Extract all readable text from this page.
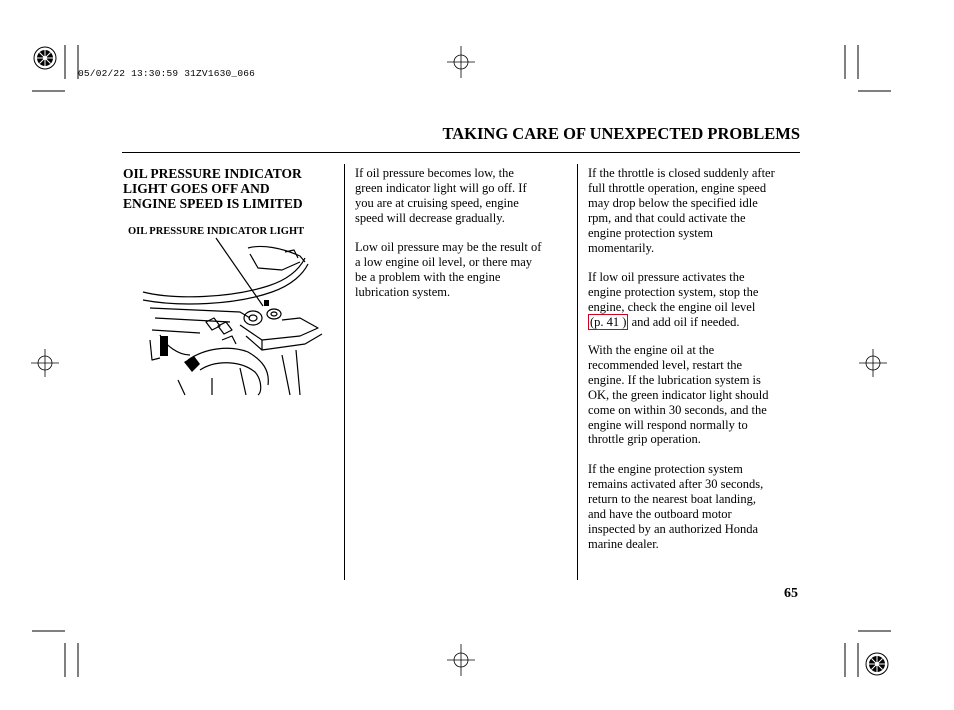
05/02/22 13:30:59 31ZV1630_066
TAKING CARE OF UNEXPECTED PROBLEMS
OIL PRESSURE INDICATOR
LIGHT GOES OFF AND
ENGINE SPEED IS LIMITED
OIL PRESSURE INDICATOR LIGHT
If oil pressure becomes low, the
green indicator light will go off. If
you are at cruising speed, engine
speed will decrease gradually.
Low oil pressure may be the result of
a low engine oil level, or there may
be a problem with the engine
lubrication system.
If the throttle is closed suddenly after
full throttle operation, engine speed
may drop below the specified idle
rpm, and that could activate the
engine protection system
momentarily.
If low oil pressure activates the
engine protection system, stop the
engine, check the engine oil level
(p. 41 ) and add oil if needed.
With the engine oil at the
recommended level, restart the
engine. If the lubrication system is
OK, the green indicator light should
come on within 30 seconds, and the
engine will respond normally to
throttle grip operation.
If the engine protection system
remains activated after 30 seconds,
return to the nearest boat landing,
and have the outboard motor
inspected by an authorized Honda
marine dealer.
65
